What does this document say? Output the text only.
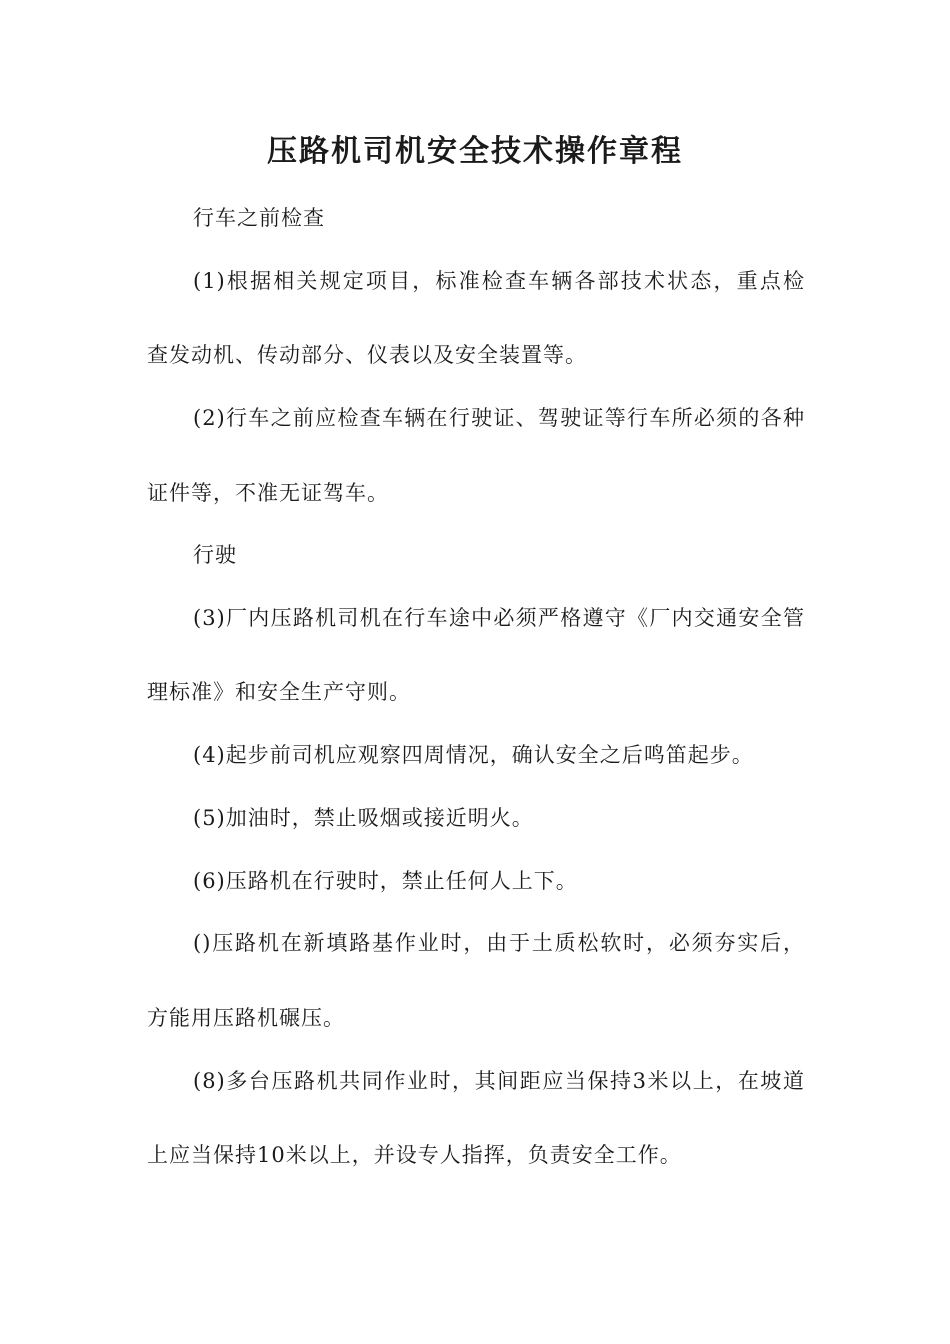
压路机司机安全技术操作章程
行车之前检查
(1)根据相关规定项目，标准检查车辆各部技术状态，重点检
查发动机、传动部分、仪表以及安全装置等。
(2)行车之前应检查车辆在行驶证、驾驶证等行车所必须的各种
证件等，不准无证驾车。
行驶
(3)厂内压路机司机在行车途中必须严格遵守《厂内交通安全管
理标准》和安全生产守则。
(4)起步前司机应观察四周情况，确认安全之后鸣笛起步。
(5)加油时，禁止吸烟或接近明火。
(6)压路机在行驶时，禁止任何人上下。
()压路机在新填路基作业时，由于土质松软时，必须夯实后，
方能用压路机碾压。
(8)多台压路机共同作业时，其间距应当保持3米以上，在坡道
上应当保持10米以上，并设专人指挥，负责安全工作。
